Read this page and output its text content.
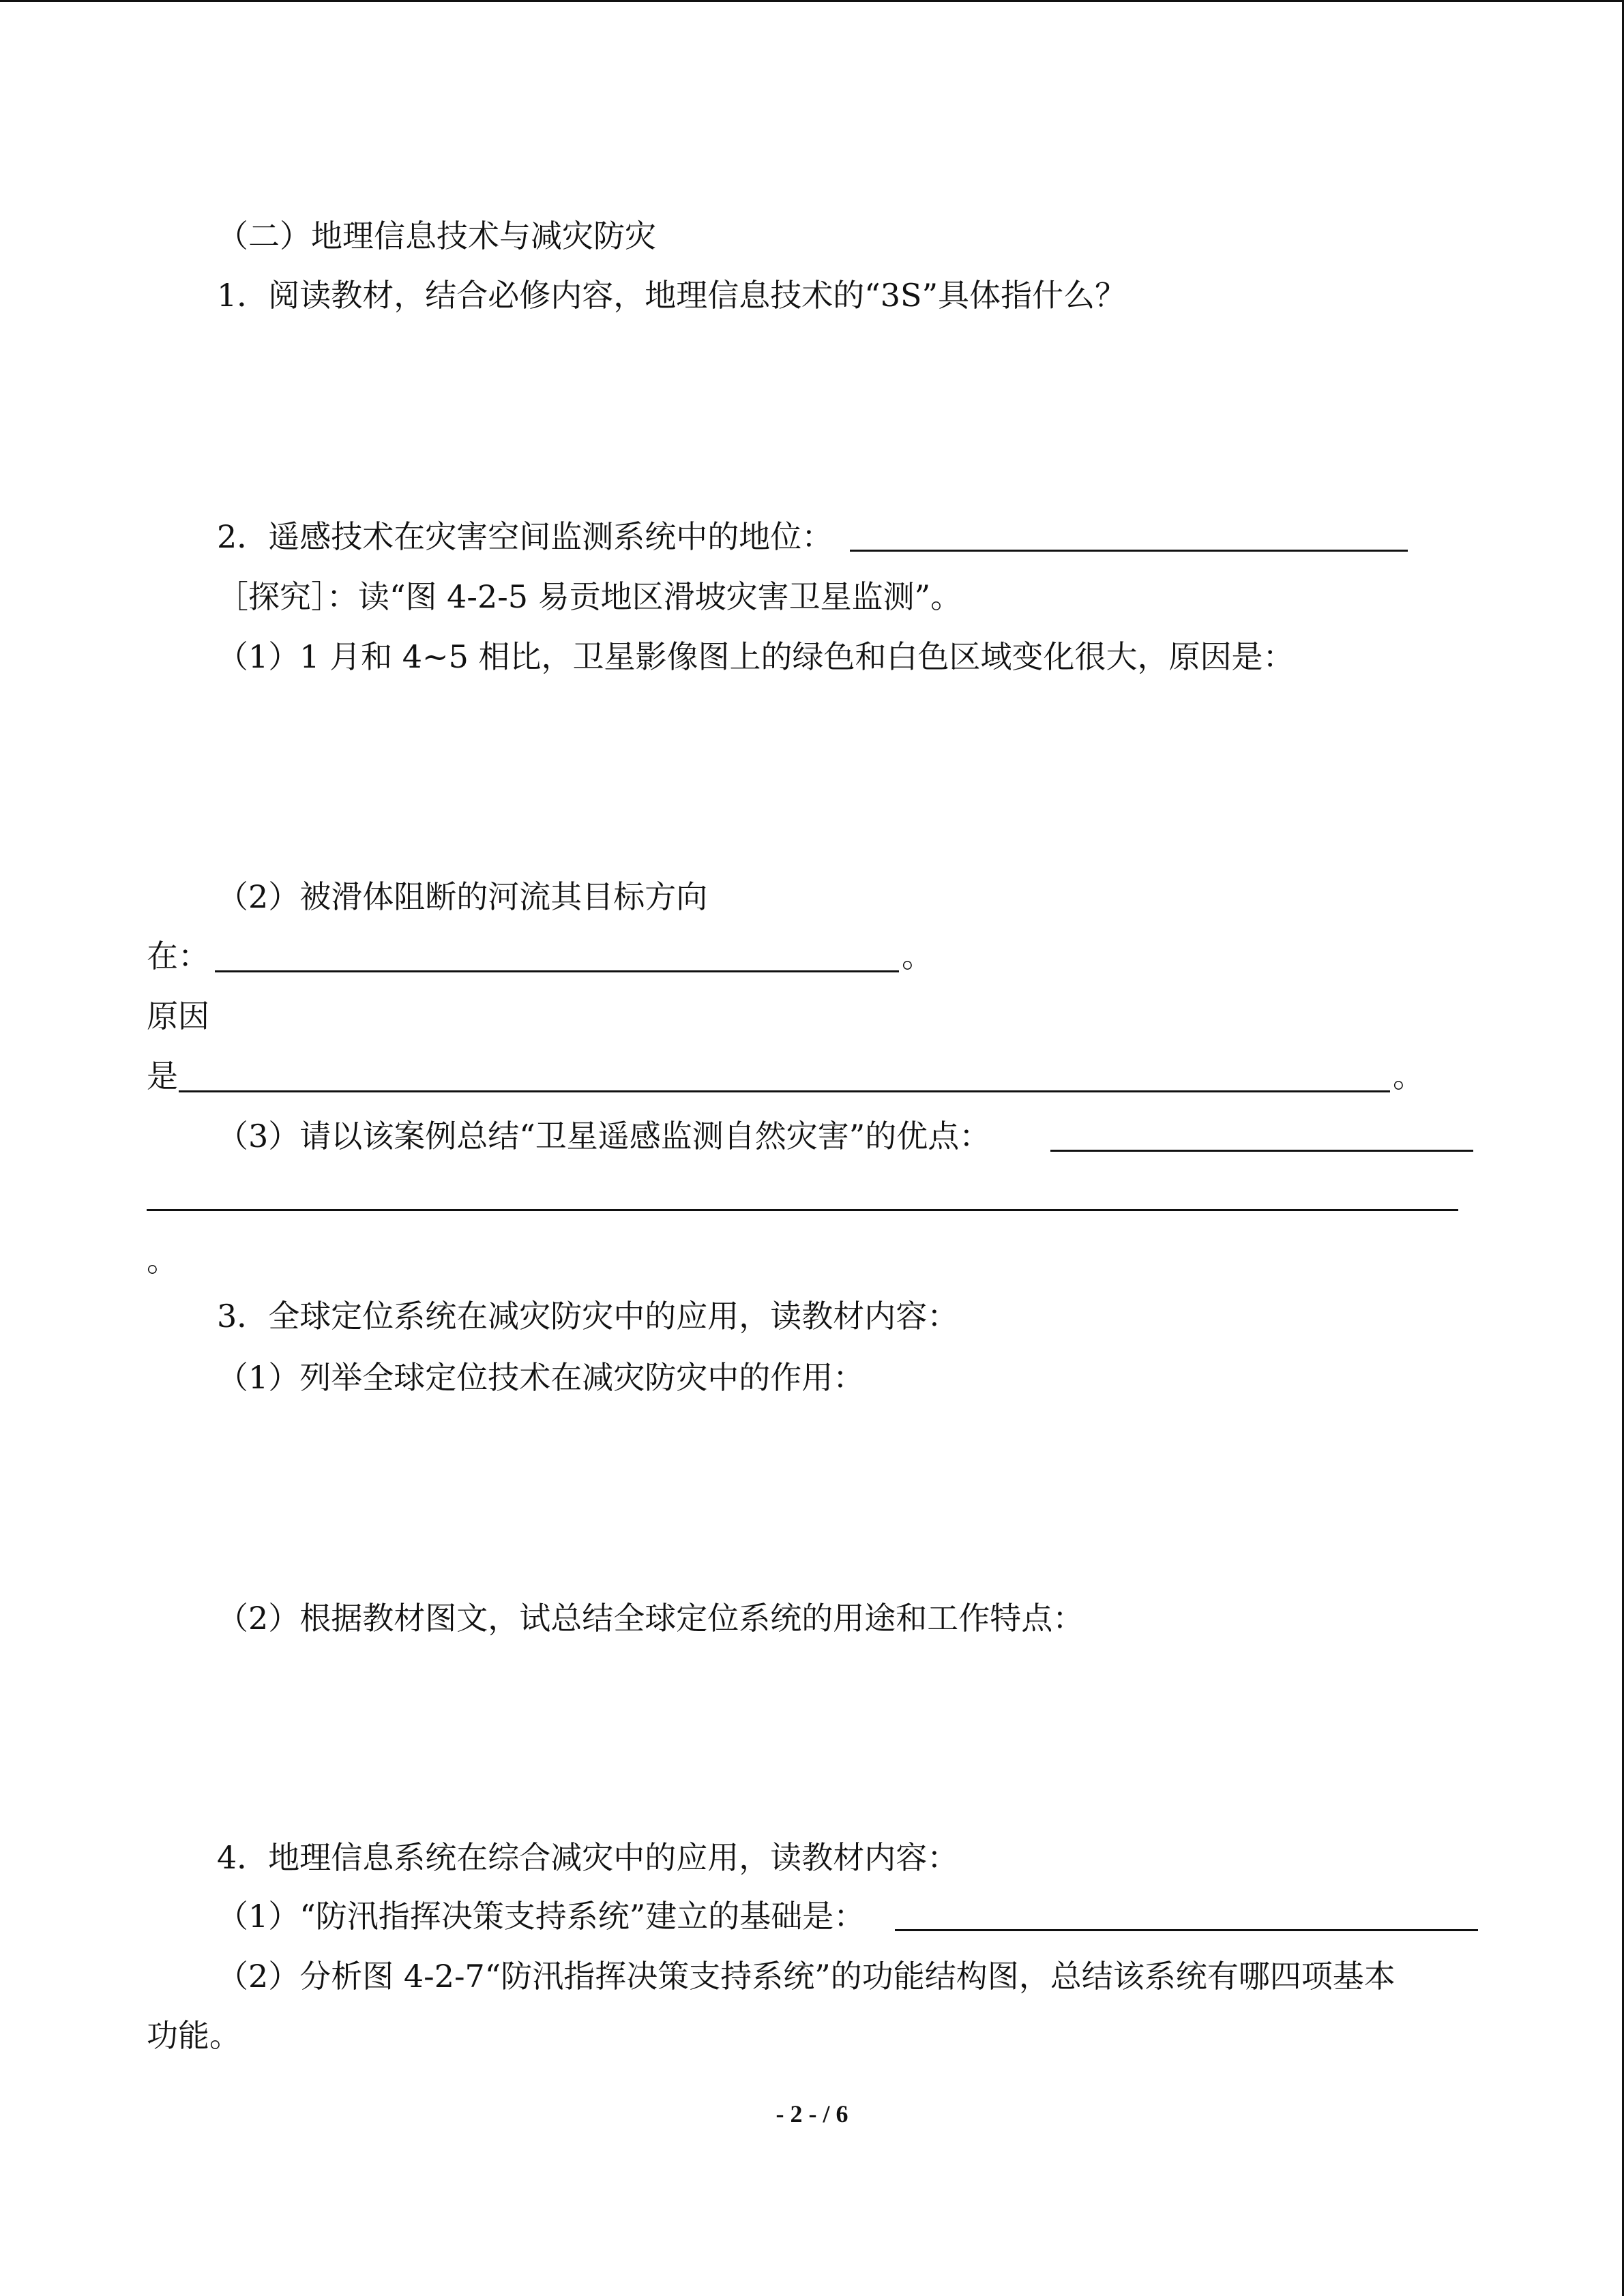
（二）地理信息技术与减灾防灾
1．阅读教材，结合必修内容，地理信息技术的“3S”具体指什么？
2．遥感技术在灾害空间监测系统中的地位：
［探究］：读“图 4-2-5 易贡地区滑坡灾害卫星监测”。
（1）1 月和 4~5 相比，卫星影像图上的绿色和白色区域变化很大，原因是：
（2）被滑体阻断的河流其目标方向
在：	。
原因
是	。
（3）请以该案例总结“卫星遥感监测自然灾害”的优点：
。
3．全球定位系统在减灾防灾中的应用，读教材内容：
（1）列举全球定位技术在减灾防灾中的作用：
（2）根据教材图文，试总结全球定位系统的用途和工作特点：
4．地理信息系统在综合减灾中的应用，读教材内容：
（1）“防汛指挥决策支持系统”建立的基础是：
（2）分析图 4-2-7“防汛指挥决策支持系统”的功能结构图，总结该系统有哪四项基本
功能。
- 2 - / 6
